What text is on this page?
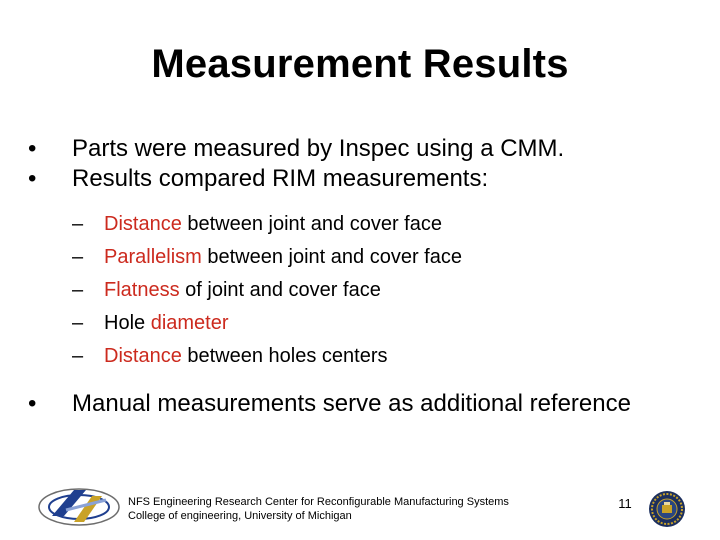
Measurement Results
•	Parts were measured by Inspec using a CMM.
•	Results compared RIM measurements:
– Distance between joint and cover face
– Parallelism between joint and cover face
– Flatness of joint and cover face
– Hole diameter
– Distance between holes centers
•	Manual measurements serve as additional reference
NFS Engineering Research Center for Reconfigurable Manufacturing Systems
College of engineering, University of Michigan
11
